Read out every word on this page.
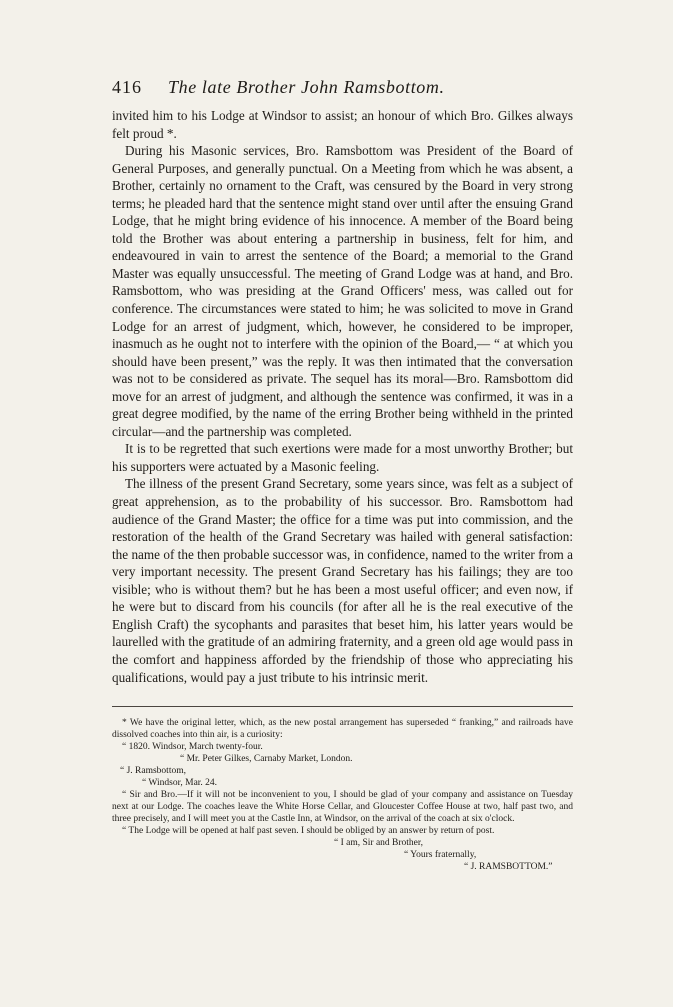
416	The late Brother John Ramsbottom.

invited him to his Lodge at Windsor to assist; an honour of which Bro. Gilkes always felt proud *.

During his Masonic services, Bro. Ramsbottom was President of the Board of General Purposes, and generally punctual. On a Meeting from which he was absent, a Brother, certainly no ornament to the Craft, was censured by the Board in very strong terms; he pleaded hard that the sentence might stand over until after the ensuing Grand Lodge, that he might bring evidence of his innocence. A member of the Board being told the Brother was about entering a partnership in business, felt for him, and endeavoured in vain to arrest the sentence of the Board; a memorial to the Grand Master was equally unsuccessful. The meeting of Grand Lodge was at hand, and Bro. Ramsbottom, who was presiding at the Grand Officers' mess, was called out for conference. The circumstances were stated to him; he was solicited to move in Grand Lodge for an arrest of judgment, which, however, he considered to be improper, inasmuch as he ought not to interfere with the opinion of the Board,— “ at which you should have been present,” was the reply. It was then intimated that the conversation was not to be considered as private. The sequel has its moral—Bro. Ramsbottom did move for an arrest of judgment, and although the sentence was confirmed, it was in a great degree modified, by the name of the erring Brother being withheld in the printed circular—and the partnership was completed.

It is to be regretted that such exertions were made for a most unworthy Brother; but his supporters were actuated by a Masonic feeling.

The illness of the present Grand Secretary, some years since, was felt as a subject of great apprehension, as to the probability of his successor. Bro. Ramsbottom had audience of the Grand Master; the office for a time was put into commission, and the restoration of the health of the Grand Secretary was hailed with general satisfaction: the name of the then probable successor was, in confidence, named to the writer from a very important necessity. The present Grand Secretary has his failings; they are too visible; who is without them? but he has been a most useful officer; and even now, if he were but to discard from his councils (for after all he is the real executive of the English Craft) the sycophants and parasites that beset him, his latter years would be laurelled with the gratitude of an admiring fraternity, and a green old age would pass in the comfort and happiness afforded by the friendship of those who appreciating his qualifications, would pay a just tribute to his intrinsic merit.

* We have the original letter, which, as the new postal arrangement has superseded “ franking,” and railroads have dissolved coaches into thin air, is a curiosity:

“ 1820. Windsor, March twenty-four.

“ Mr. Peter Gilkes, Carnaby Market, London.

“ J. Ramsbottom,

“ Windsor, Mar. 24.

“ Sir and Bro.—If it will not be inconvenient to you, I should be glad of your company and assistance on Tuesday next at our Lodge. The coaches leave the White Horse Cellar, and Gloucester Coffee House at two, half past two, and three precisely, and I will meet you at the Castle Inn, at Windsor, on the arrival of the coach at six o'clock.

“ The Lodge will be opened at half past seven. I should be obliged by an answer by return of post.

“ I am, Sir and Brother,

“ Yours fraternally,

“ J. RAMSBOTTOM.”
